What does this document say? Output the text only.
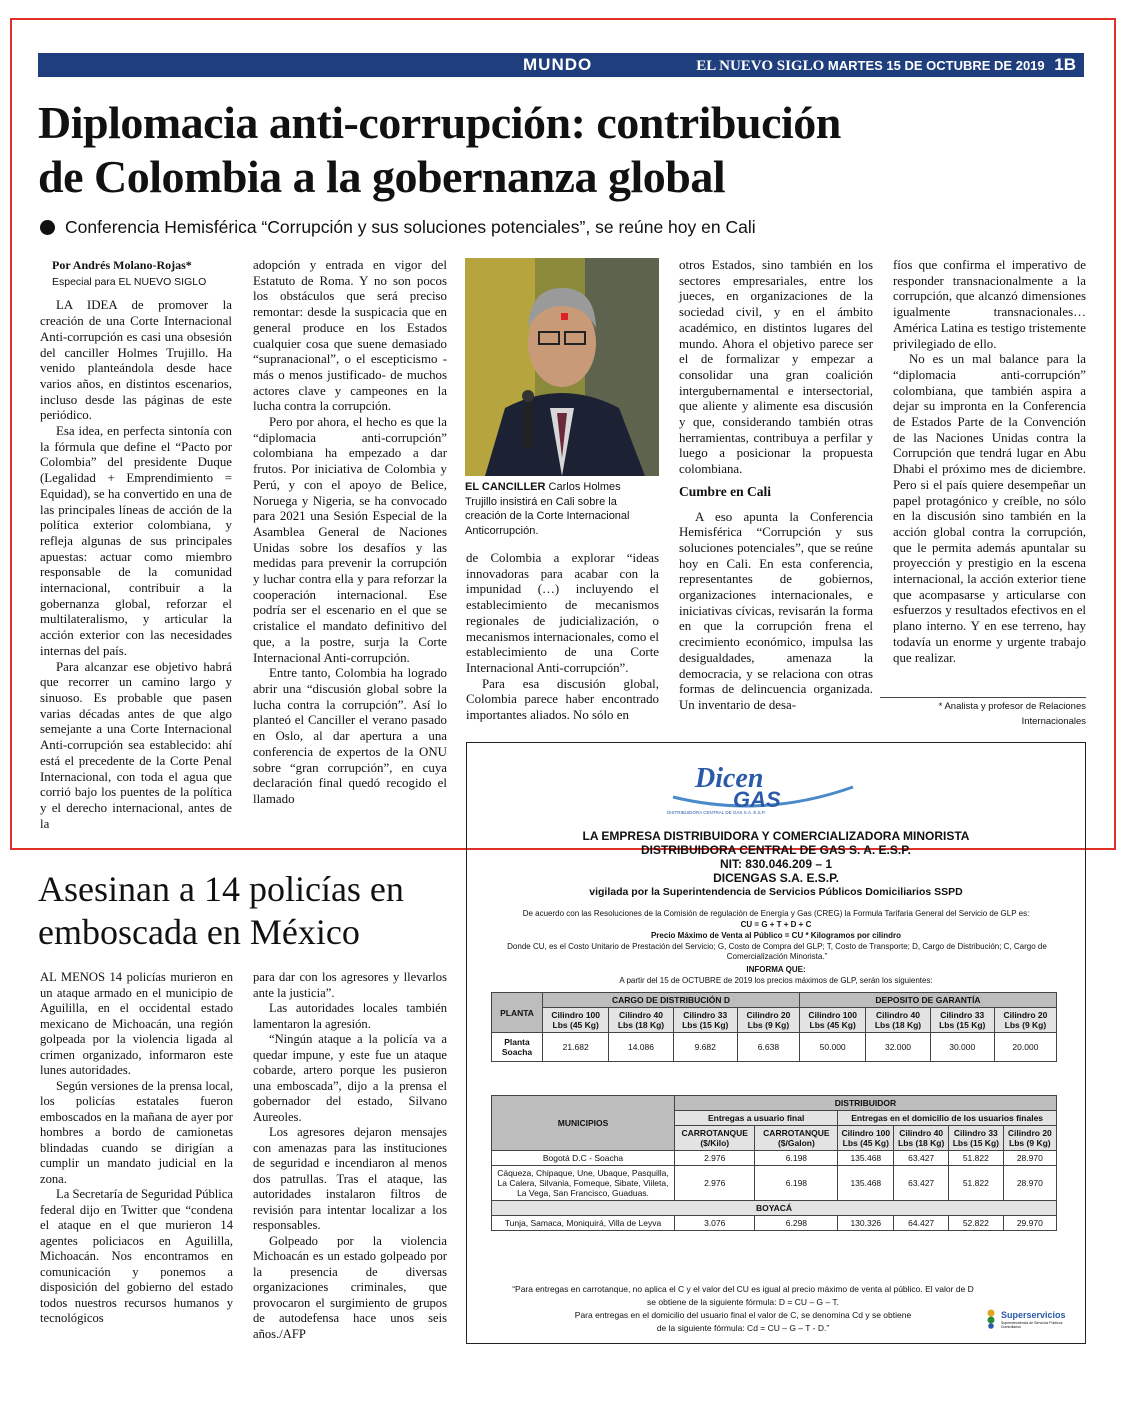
MUNDO	EL NUEVO SIGLO MARTES 15 DE OCTUBRE DE 2019 1B
Diplomacia anti-corrupción: contribución
de Colombia a la gobernanza global
Conferencia Hemisférica “Corrupción y sus soluciones potenciales”, se reúne hoy en Cali
Por Andrés Molano-Rojas*
Especial para EL NUEVO SIGLO

LA IDEA de promover la creación de una Corte Internacional Anti-corrupción es casi una obsesión del canciller Holmes Trujillo. Ha venido planteándola desde hace varios años, en distintos escenarios, incluso desde las páginas de este periódico.

Esa idea, en perfecta sintonía con la fórmula que define el “Pacto por Colombia” del presidente Duque (Legalidad + Emprendimiento = Equidad), se ha convertido en una de las principales líneas de acción de la política exterior colombiana, y refleja algunas de sus principales apuestas: actuar como miembro responsable de la comunidad internacional, contribuir a la gobernanza global, reforzar el multilateralismo, y articular la acción exterior con las necesidades internas del país.

Para alcanzar ese objetivo habrá que recorrer un camino largo y sinuoso. Es probable que pasen varias décadas antes de que algo semejante a una Corte Internacional Anti-corrupción sea establecido: ahí está el precedente de la Corte Penal Internacional, con toda el agua que corrió bajo los puentes de la política y el derecho internacional, antes de la

adopción y entrada en vigor del Estatuto de Roma. Y no son pocos los obstáculos que será preciso remontar: desde la suspicacia que en general produce en los Estados cualquier cosa que suene demasiado “supranacional”, o el escepticismo -más o menos justificado- de muchos actores clave y campeones en la lucha contra la corrupción.

Pero por ahora, el hecho es que la “diplomacia anti-corrupción” colombiana ha empezado a dar frutos. Por iniciativa de Colombia y Perú, y con el apoyo de Belice, Noruega y Nigeria, se ha convocado para 2021 una Sesión Especial de la Asamblea General de Naciones Unidas sobre los desafíos y las medidas para prevenir la corrupción y luchar contra ella y para reforzar la cooperación internacional. Ese podría ser el escenario en el que se cristalice el mandato definitivo del que, a la postre, surja la Corte Internacional Anti-corrupción.

Entre tanto, Colombia ha logrado abrir una “discusión global sobre la lucha contra la corrupción”. Así lo planteó el Canciller el verano pasado en Oslo, al dar apertura a una conferencia de expertos de la ONU sobre “gran corrupción”, en cuya declaración final quedó recogido el llamado

EL CANCILLER Carlos Holmes Trujillo insistirá en Cali sobre la creación de la Corte Internacional Anticorrupción.

de Colombia a explorar “ideas innovadoras para acabar con la impunidad (…) incluyendo el establecimiento de mecanismos regionales de judicialización, o mecanismos internacionales, como el establecimiento de una Corte Internacional Anti-corrupción”.

Para esa discusión global, Colombia parece haber encontrado importantes aliados. No sólo en

otros Estados, sino también en los sectores empresariales, entre los jueces, en organizaciones de la sociedad civil, y en el ámbito académico, en distintos lugares del mundo. Ahora el objetivo parece ser el de formalizar y empezar a consolidar una gran coalición intergubernamental e intersectorial, que aliente y alimente esa discusión y que, considerando también otras herramientas, contribuya a perfilar y luego a posicionar la propuesta colombiana.

Cumbre en Cali

A eso apunta la Conferencia Hemisférica “Corrupción y sus soluciones potenciales”, que se reúne hoy en Cali. En esta conferencia, representantes de gobiernos, organizaciones internacionales, e iniciativas cívicas, revisarán la forma en que la corrupción frena el crecimiento económico, impulsa las desigualdades, amenaza la democracia, y se relaciona con otras formas de delincuencia organizada. Un inventario de desa-

fíos que confirma el imperativo de responder transnacionalmente a la corrupción, que alcanzó dimensiones igualmente transnacionales… América Latina es testigo tristemente privilegiado de ello.

No es un mal balance para la “diplomacia anti-corrupción” colombiana, que también aspira a dejar su impronta en la Conferencia de Estados Parte de la Convención de las Naciones Unidas contra la Corrupción que tendrá lugar en Abu Dhabi el próximo mes de diciembre. Pero si el país quiere desempeñar un papel protagónico y creíble, no sólo en la discusión sino también en la acción global contra la corrupción, que le permita además apuntalar su proyección y prestigio en la escena internacional, la acción exterior tiene que acompasarse y articularse con esfuerzos y resultados efectivos en el plano interno. Y en ese terreno, hay todavía un enorme y urgente trabajo que realizar.

* Analista y profesor de Relaciones
Internacionales
Asesinan a 14 policías en emboscada en México

AL MENOS 14 policías murieron en un ataque armado en el municipio de Aguililla, en el occidental estado mexicano de Michoacán, una región golpeada por la violencia ligada al crimen organizado, informaron este lunes autoridades.

Según versiones de la prensa local, los policías estatales fueron emboscados en la mañana de ayer por hombres a bordo de camionetas blindadas cuando se dirigían a cumplir un mandato judicial en la zona.

La Secretaría de Seguridad Pública federal dijo en Twitter que “condena el ataque en el que murieron 14 agentes policiacos en Aguililla, Michoacán. Nos encontramos en comunicación y ponemos a disposición del gobierno del estado todos nuestros recursos humanos y tecnológicos

para dar con los agresores y llevarlos ante la justicia”.

Las autoridades locales también lamentaron la agresión.

“Ningún ataque a la policía va a quedar impune, y este fue un ataque cobarde, artero porque les pusieron una emboscada”, dijo a la prensa el gobernador del estado, Silvano Aureoles.

Los agresores dejaron mensajes con amenazas para las instituciones de seguridad e incendiaron al menos dos patrullas. Tras el ataque, las autoridades instalaron filtros de revisión para intentar localizar a los responsables.

Golpeado por la violencia Michoacán es un estado golpeado por la presencia de diversas organizaciones criminales, que provocaron el surgimiento de grupos de autodefensa hace unos seis años./AFP

Dicen
GAS
DISTRIBUIDORA CENTRAL DE GAS S.A. E.S.P.
LA EMPRESA DISTRIBUIDORA Y COMERCIALIZADORA MINORISTA
DISTRIBUIDORA CENTRAL DE GAS S. A. E.S.P.
NIT: 830.046.209 – 1
DICENGAS S.A. E.S.P.
vigilada por la Superintendencia de Servicios Públicos Domiciliarios SSPD
De acuerdo con las Resoluciones de la Comisión de regulación de Energía y Gas (CREG) la Formula Tarifaria General del Servicio de GLP es:
CU = G + T + D + C
Precio Máximo de Venta al Público = CU * Kilogramos por cilindro
Donde CU, es el Costo Unitario de Prestación del Servicio; G, Costo de Compra del GLP; T, Costo de Transporte; D, Cargo de Distribución; C, Cargo de Comercialización Minorista.”
INFORMA QUE:
A partir del 15 de OCTUBRE de 2019 los precios máximos de GLP, serán los siguientes:
PLANTA	CARGO DE DISTRIBUCIÓN D				DEPOSITO DE GARANTÍA			
	Cilindro 100 Lbs (45 Kg)	Cilindro 40 Lbs (18 Kg)	Cilindro 33 Lbs (15 Kg)	Cilindro 20 Lbs (9 Kg)	Cilindro 100 Lbs (45 Kg)	Cilindro 40 Lbs (18 Kg)	Cilindro 33 Lbs (15 Kg)	Cilindro 20 Lbs (9 Kg)
Planta Soacha	21.682	14.086	9.682	6.638	50.000	32.000	30.000	20.000
MUNICIPIOS	DISTRIBUIDOR					
	Entregas a usuario final		Entregas en el domicilio de los usuarios finales			
	CARROTANQUE ($/Kilo)	CARROTANQUE ($/Galon)	Cilindro 100 Lbs (45 Kg)	Cilindro 40 Lbs (18 Kg)	Cilindro 33 Lbs (15 Kg)	Cilindro 20 Lbs (9 Kg)
Bogotá D.C - Soacha	2.976	6.198	135.468	63.427	51.822	28.970
Cáqueza, Chipaque, Une, Ubaque, Pasquilla, La Calera, Silvania, Fomeque, Sibate, Viileta, La Vega, San Francisco, Guaduas.	2.976	6.198	135.468	63.427	51.822	28.970
BOYACÁ						
Tunja, Samaca, Moniquirá, Villa de Leyva	3.076	6.298	130.326	64.427	52.822	29.970
“Para entregas en carrotanque, no aplica el C y el valor del CU es igual al precio máximo de venta al público. El valor de D
se obtiene de la siguiente fórmula: D = CU – G – T.
Para entregas en el domicilio del usuario final el valor de C, se denomina Cd y se obtiene
de la siguiente fórmula: Cd = CU – G – T - D.”
Superservicios
Superintendencia de Servicios Públicos Domiciliarios
